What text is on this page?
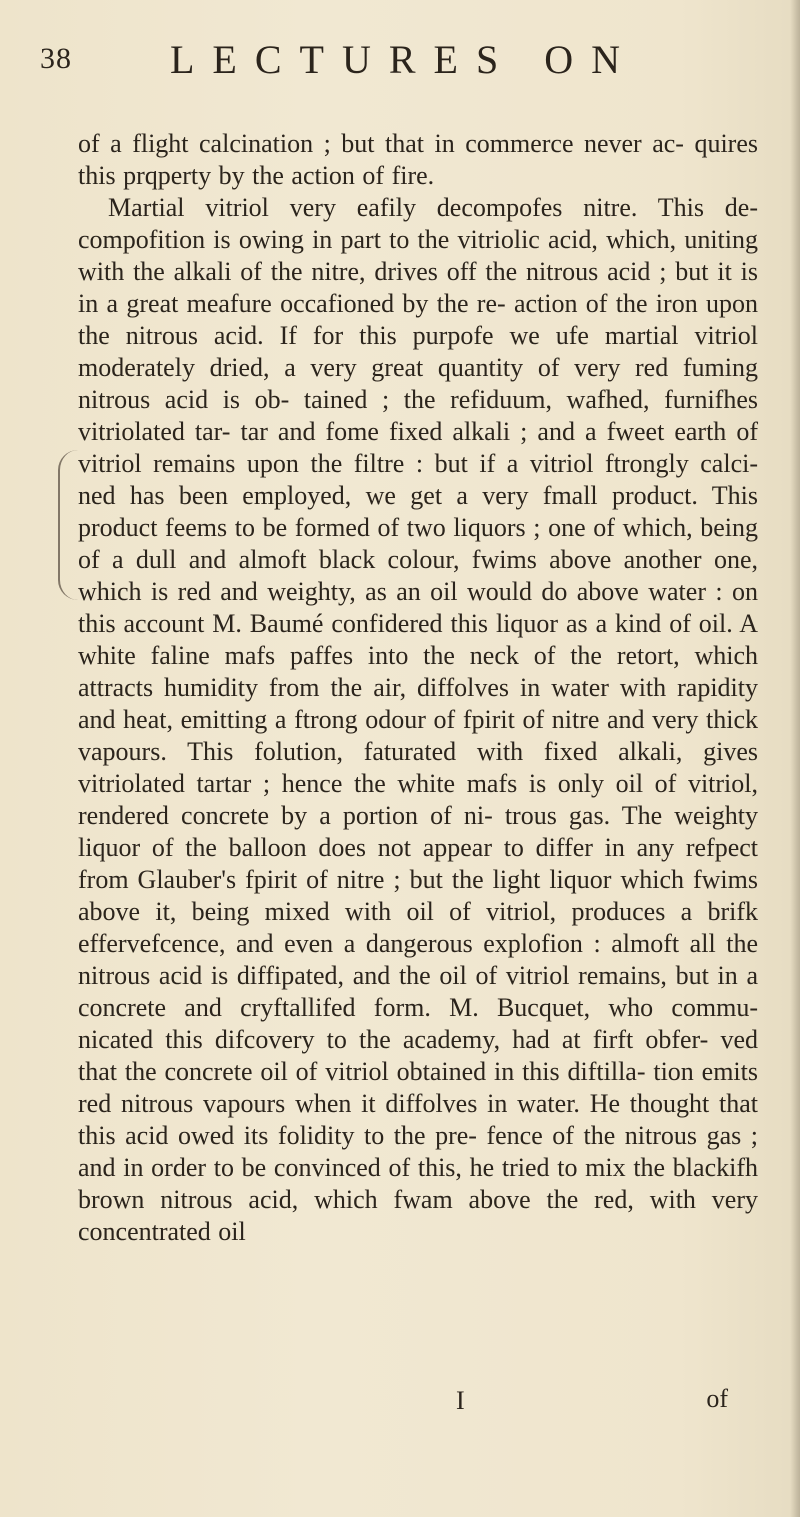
38 LECTURES ON

of a flight calcination ; but that in commerce never ac- quires this prqperty by the action of fire.

Martial vitriol very eafily decompofes nitre. This de- compofition is owing in part to the vitriolic acid, which, uniting with the alkali of the nitre, drives off the nitrous acid ; but it is in a great meafure occafioned by the re- action of the iron upon the nitrous acid. If for this purpofe we ufe martial vitriol moderately dried, a very great quantity of very red fuming nitrous acid is ob- tained ; the refiduum, wafhed, furnifhes vitriolated tar- tar and fome fixed alkali ; and a fweet earth of vitriol remains upon the filtre : but if a vitriol ftrongly calci- ned has been employed, we get a very fmall product. This product feems to be formed of two liquors ; one of which, being of a dull and almoft black colour, fwims above another one, which is red and weighty, as an oil would do above water : on this account M. Baumé confidered this liquor as a kind of oil. A white faline mafs paffes into the neck of the retort, which attracts humidity from the air, diffolves in water with rapidity and heat, emitting a ftrong odour of fpirit of nitre and very thick vapours. This folution, faturated with fixed alkali, gives vitriolated tartar ; hence the white mafs is only oil of vitriol, rendered concrete by a portion of ni- trous gas. The weighty liquor of the balloon does not appear to differ in any refpect from Glauber's fpirit of nitre ; but the light liquor which fwims above it, being mixed with oil of vitriol, produces a brifk effervefcence, and even a dangerous explofion : almoft all the nitrous acid is diffipated, and the oil of vitriol remains, but in a concrete and cryftallifed form. M. Bucquet, who commu- nicated this difcovery to the academy, had at firft obfer- ved that the concrete oil of vitriol obtained in this diftilla- tion emits red nitrous vapours when it diffolves in water. He thought that this acid owed its folidity to the pre- fence of the nitrous gas ; and in order to be convinced of this, he tried to mix the blackifh brown nitrous acid, which fwam above the red, with very concentrated oil

I	of
